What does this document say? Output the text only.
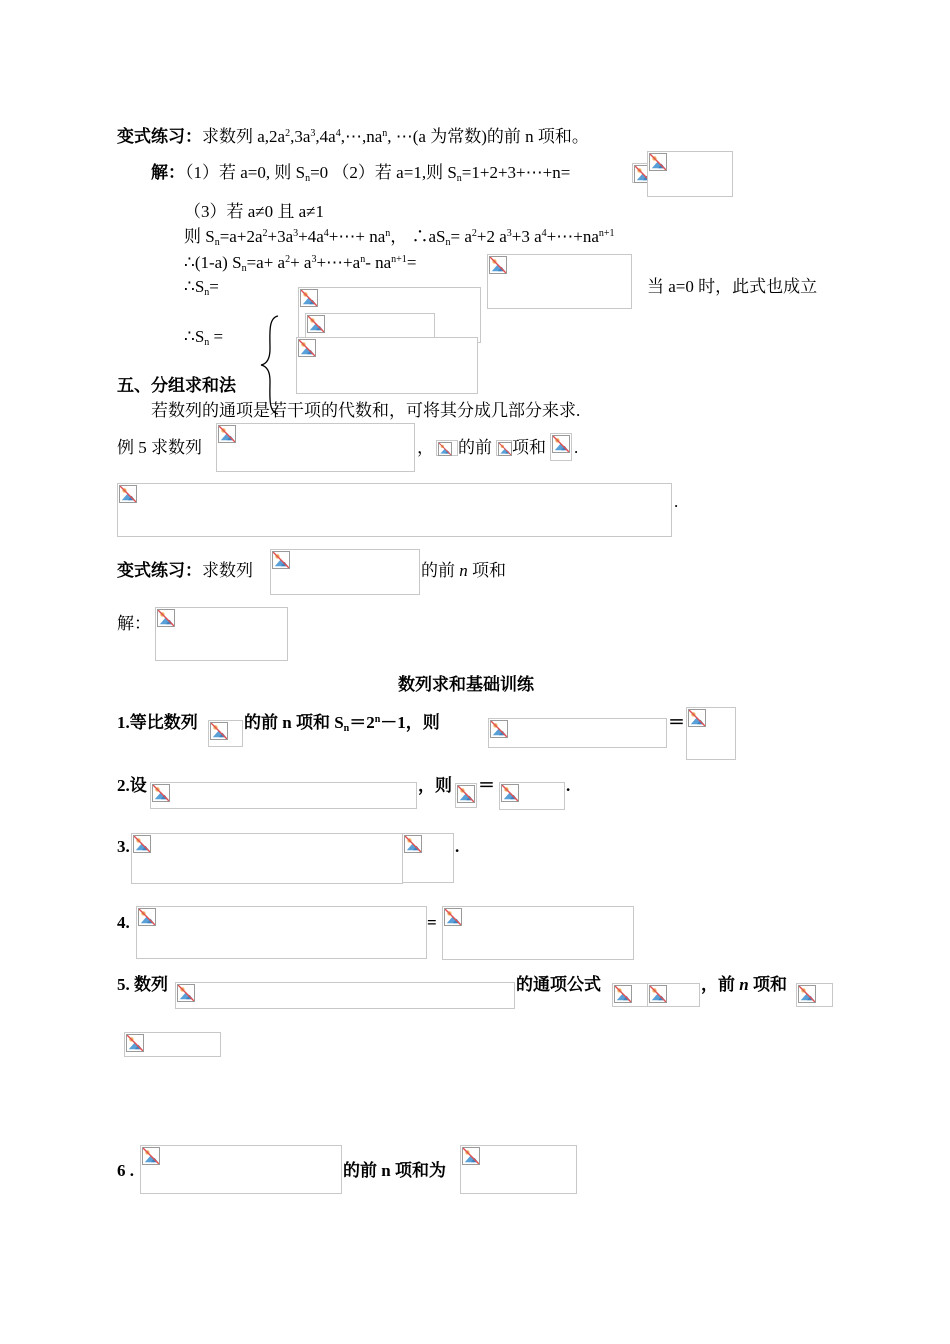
变式练习：求数列 $a,2a^2,3a^3,4a^4,\cdots,na^n$, ⋯(a 为常数)的前 n 项和。
解：（1）若 a=0, 则 $S_n=0$ （2）若 a=1,则 $S_n=1+2+3+\cdots+n=$
（3）若 a≠0 且 a≠1
则 $S_n=a+2a^2+3a^3+4a^4+\cdots+ na^n$， $\therefore aS_n= a^2+2$ $a^3+3$ $a^4+\cdots+na^{n+1}$
∴(1-a) $S_n=a+ a^2+$ $a^3+\cdots+a^n-$ $na^{n+1}=$
$\therefore S_n=$	当 a=0 时，此式也成立
$\therefore S_n$ =
五、分组求和法
若数列的通项是若干项的代数和，可将其分成几部分来求.
例 5 求数列	， 的前 项和 .
.
变式练习：求数列	的前 n 项和
解：
数列求和基础训练
1.等比数列	的前 n 项和 $S_n=2^n-1$，则	＝
2.设	，则 ＝	.
3.	.
4.	=
5. 数列	的通项公式	，前 n 项和
6 .	的前 n 项和为
